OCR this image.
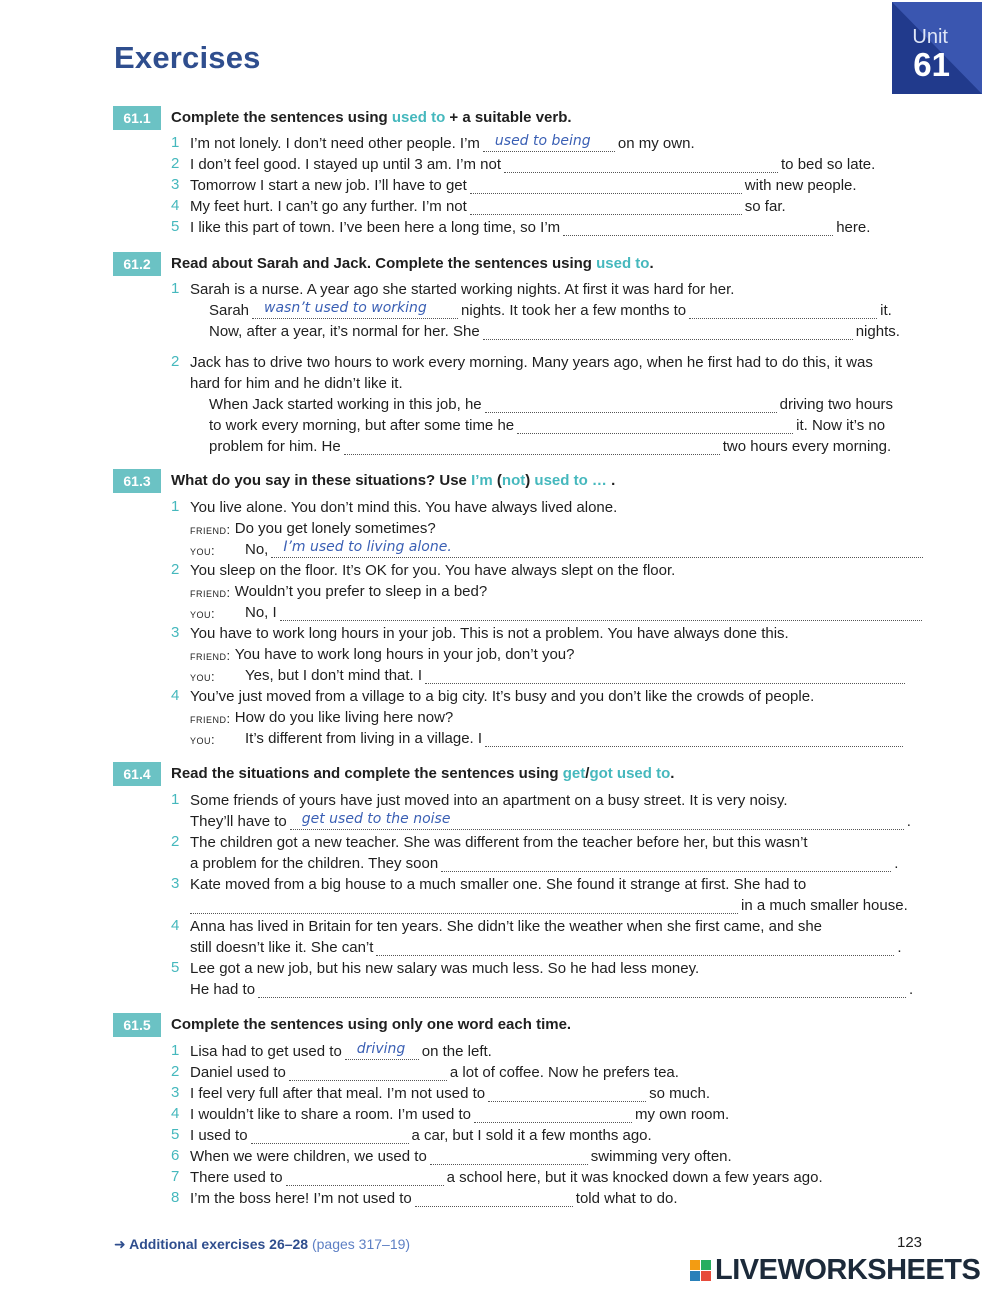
Exercises
Unit
61
61.1	Complete the sentences using used to + a suitable verb.
1 I’m not lonely. I don’t need other people. I’m used to being on my own.
2 I don’t feel good. I stayed up until 3 am. I’m not	to bed so late.
3 Tomorrow I start a new job. I’ll have to get	with new people.
4 My feet hurt. I can’t go any further. I’m not	so far.
5 I like this part of town. I’ve been here a long time, so I’m	here.
61.2	Read about Sarah and Jack. Complete the sentences using used to.
1 Sarah is a nurse. A year ago she started working nights. At first it was hard for her.
Sarah wasn’t used to working nights. It took her a few months to	it.
Now, after a year, it’s normal for her. She	nights.
2 Jack has to drive two hours to work every morning. Many years ago, when he first had to do this, it was
hard for him and he didn’t like it.
When Jack started working in this job, he	driving two hours
to work every morning, but after some time he	it. Now it’s no
problem for him. He	two hours every morning.
61.3	What do you say in these situations? Use I’m (not) used to … .
1 You live alone. You don’t mind this. You have always lived alone.
friend:
Do you get lonely sometimes?
you:	No, I’m used to living alone.
2 You sleep on the floor. It’s OK for you. You have always slept on the floor.
friend:
Wouldn’t you prefer to sleep in a bed?
you:	No, I
3 You have to work long hours in your job. This is not a problem. You have always done this.
friend:
You have to work long hours in your job, don’t you?
you:	Yes, but I don’t mind that. I
4 You’ve just moved from a village to a big city. It’s busy and you don’t like the crowds of people.
friend:
How do you like living here now?
you:	It’s different from living in a village. I
61.4	Read the situations and complete the sentences using get/got used to.
1 Some friends of yours have just moved into an apartment on a busy street. It is very noisy.
They’ll have to get used to the noise	.
2 The children got a new teacher. She was different from the teacher before her, but this wasn’t
a problem for the children. They soon	.
3 Kate moved from a big house to a much smaller one. She found it strange at first. She had to
in a much smaller house.
4 Anna has lived in Britain for ten years. She didn’t like the weather when she first came, and she
still doesn’t like it. She can’t	.
5 Lee got a new job, but his new salary was much less. So he had less money.
He had to	.
61.5	Complete the sentences using only one word each time.
1 Lisa had to get used to driving on the left.
2 Daniel used to	a lot of coffee. Now he prefers tea.
3 I feel very full after that meal. I’m not used to	so much.
4 I wouldn’t like to share a room. I’m used to	my own room.
5 I used to	a car, but I sold it a few months ago.
6 When we were children, we used to	swimming very often.
7 There used to	a school here, but it was knocked down a few years ago.
8 I’m the boss here! I’m not used to	told what to do.
➜ Additional exercises 26–28 (pages 317–19)	123
LIVEWORKSHEETS
